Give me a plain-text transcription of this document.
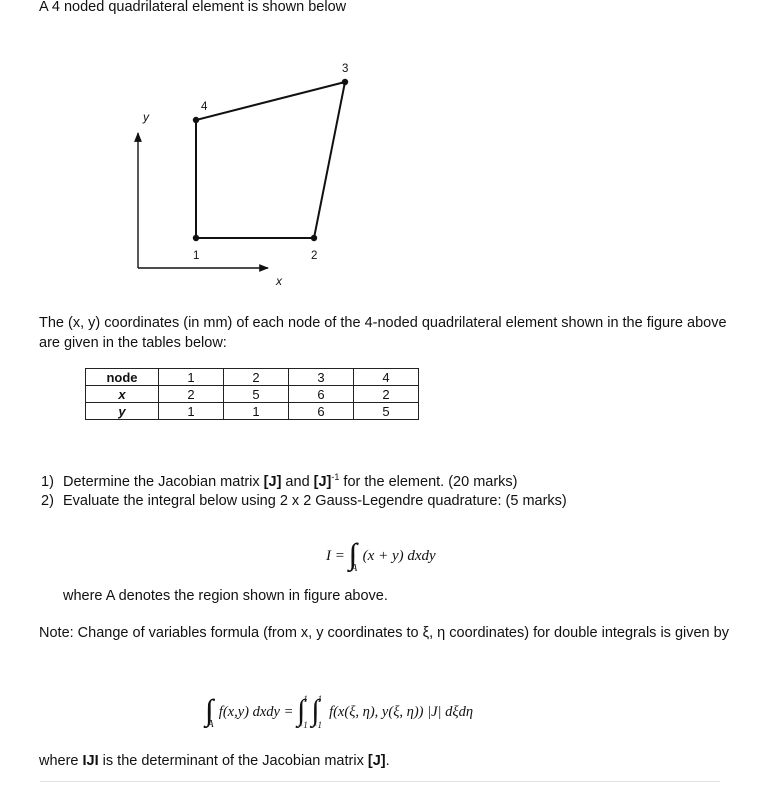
A 4 noded quadrilateral element is shown below
y
x
1	2
3
4
The (x, y) coordinates (in mm) of each node of the 4-noded quadrilateral element shown in the figure above are given in the tables below:
node	1	2	3	4
x	2	5	6	2
y	1	1	6	5
1) Determine the Jacobian matrix [J] and $[J]^{-1}$ for the element. (20 marks)
2) Evaluate the integral below using 2 x 2 Gauss-Legendre quadrature: (5 marks)
I = ∫∫ $_A$  (x + y) dxdy
where A denotes the region shown in figure above.
Note: Change of variables formula (from x, y coordinates to ξ, η coordinates) for double integrals is given by
∫∫ $_A$  f(x,y) dxdy = ∫ 1
−1 ∫ 1
−1
f(x(ξ, η), y(ξ, η)) |J| dξdη
where IJI is the determinant of the Jacobian matrix [J].
